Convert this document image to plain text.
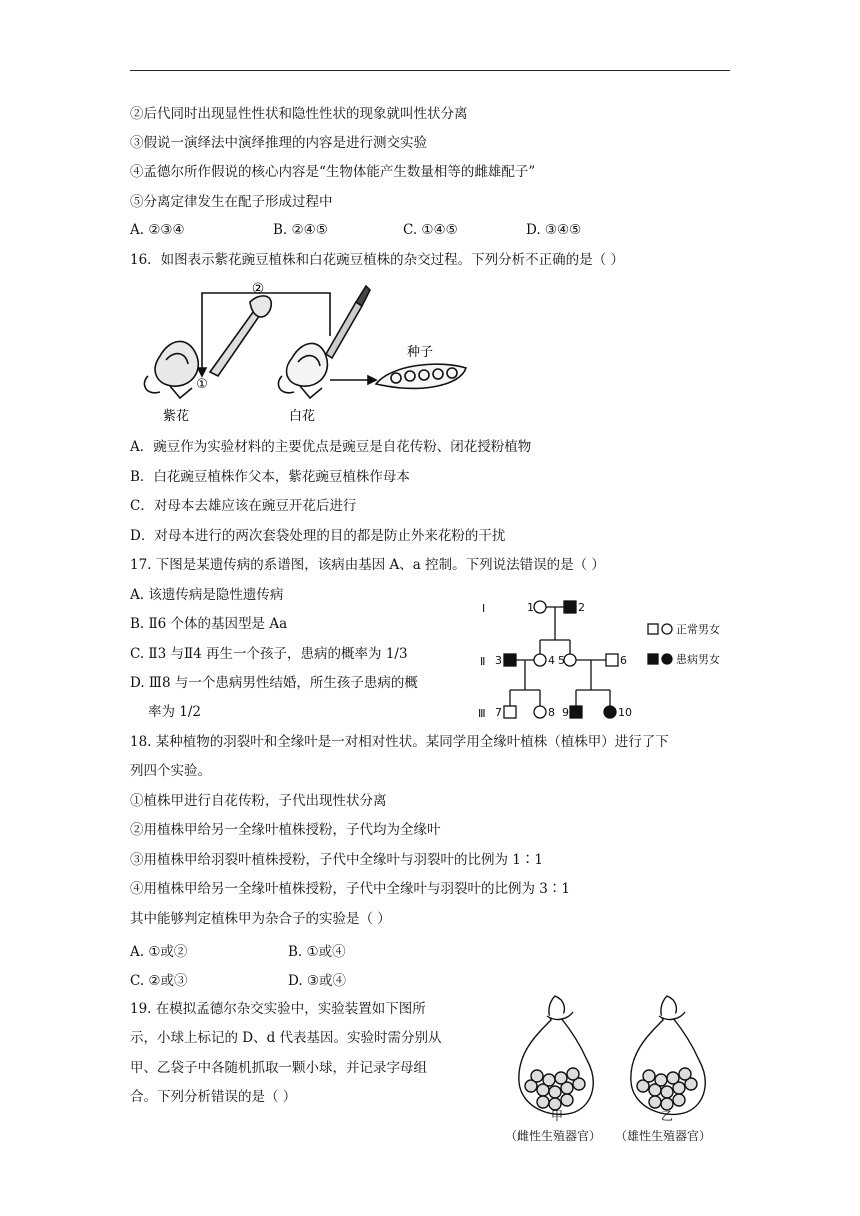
②后代同时出现显性性状和隐性性状的现象就叫性状分离
③假说一演绎法中演绎推理的内容是进行测交实验
④孟德尔所作假说的核心内容是“生物体能产生数量相等的雌雄配子”
⑤分离定律发生在配子形成过程中
A. ②③④	B. ②④⑤	C. ①④⑤	D. ③④⑤
16．如图表示紫花豌豆植株和白花豌豆植株的杂交过程。下列分析不正确的是（ ）
②
①
紫花	白花
种子
A．豌豆作为实验材料的主要优点是豌豆是自花传粉、闭花授粉植物
B．白花豌豆植株作父本，紫花豌豆植株作母本
C．对母本去雄应该在豌豆开花后进行
D．对母本进行的两次套袋处理的目的都是防止外来花粉的干扰
17. 下图是某遗传病的系谱图，该病由基因 A、a 控制。下列说法错误的是（ ）
A. 该遗传病是隐性遗传病
B. Ⅱ6 个体的基因型是 Aa
C. Ⅱ3 与Ⅱ4 再生一个孩子，患病的概率为 1/3
D. Ⅲ8 与一个患病男性结婚，所生孩子患病的概
率为 1/2
Ⅰ
Ⅱ
Ⅲ
1	2
3	4 5	6
7	8 9	10
正常男女
患病男女
18. 某种植物的羽裂叶和全缘叶是一对相对性状。某同学用全缘叶植株（植株甲）进行了下
列四个实验。
①植株甲进行自花传粉，子代出现性状分离
②用植株甲给另一全缘叶植株授粉，子代均为全缘叶
③用植株甲给羽裂叶植株授粉，子代中全缘叶与羽裂叶的比例为 1∶1
④用植株甲给另一全缘叶植株授粉，子代中全缘叶与羽裂叶的比例为 3∶1
其中能够判定植株甲为杂合子的实验是（ ）
A. ①或②	B. ①或④
C. ②或③	D. ③或④
19. 在模拟孟德尔杂交实验中，实验装置如下图所
示，小球上标记的 D、d 代表基因。实验时需分别从
甲、乙袋子中各随机抓取一颗小球，并记录字母组
合。下列分析错误的是（ ）
甲	乙
（雌性生殖器官） （雄性生殖器官）
